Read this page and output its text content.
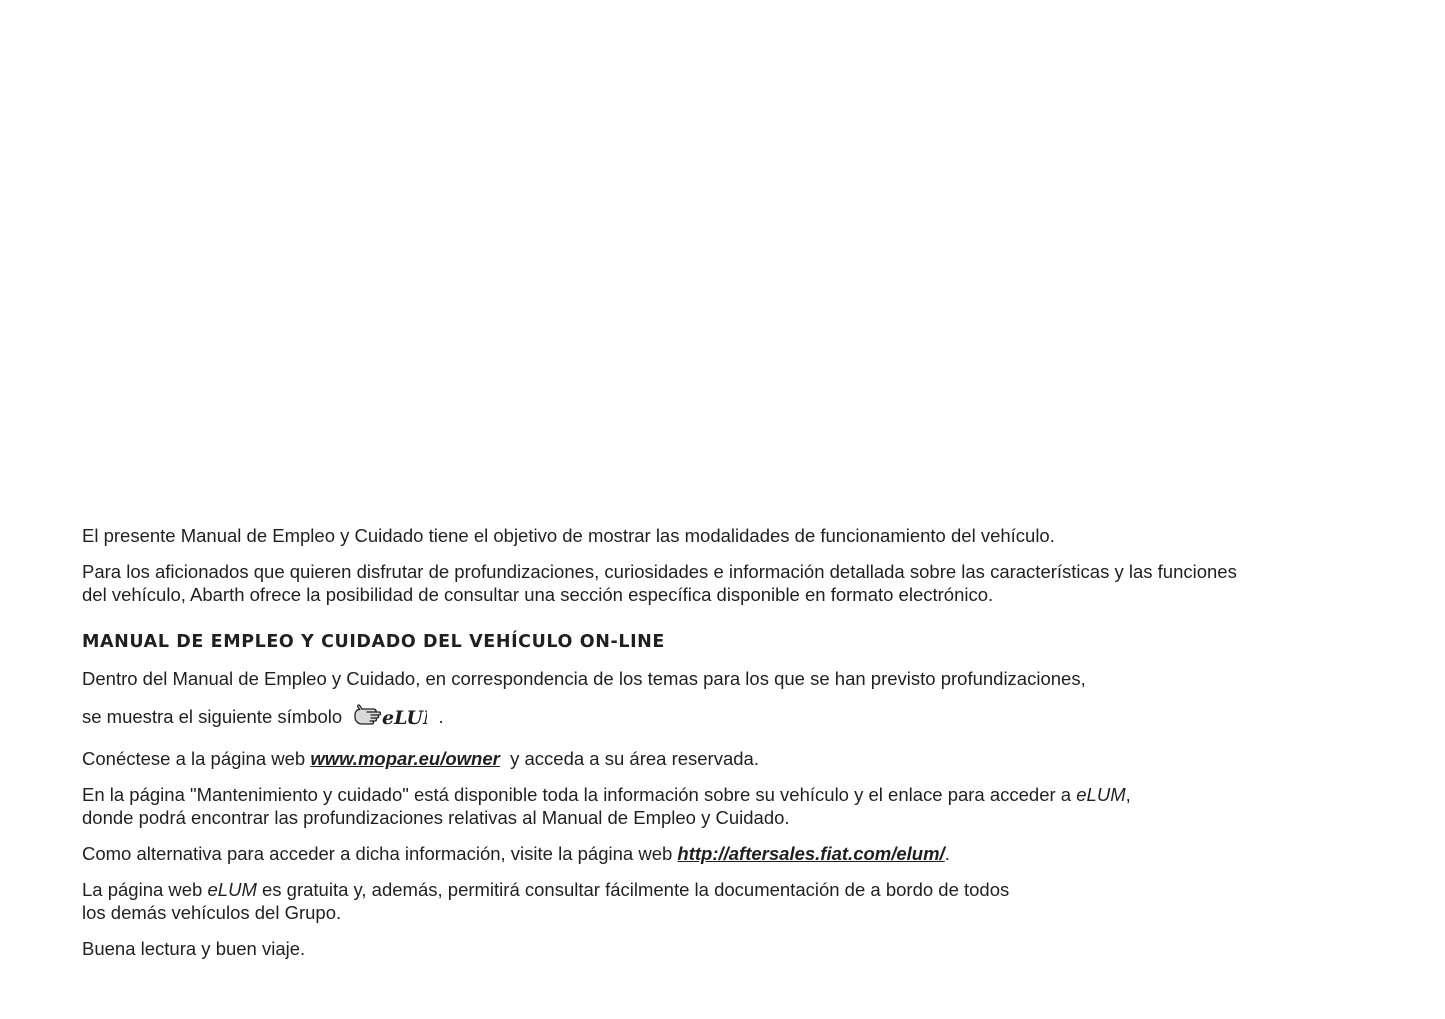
El presente Manual de Empleo y Cuidado tiene el objetivo de mostrar las modalidades de funcionamiento del vehículo.

Para los aficionados que quieren disfrutar de profundizaciones, curiosidades e información detallada sobre las características y las funciones
del vehículo, Abarth ofrece la posibilidad de consultar una sección específica disponible en formato electrónico.

MANUAL DE EMPLEO Y CUIDADO DEL VEHÍCULO ON-LINE

Dentro del Manual de Empleo y Cuidado, en correspondencia de los temas para los que se han previsto profundizaciones,

se muestra el siguiente símbolo eLU .

Conéctese a la página web www.mopar.eu/owner y acceda a su área reservada.

En la página "Mantenimiento y cuidado" está disponible toda la información sobre su vehículo y el enlace para acceder a eLUM,
donde podrá encontrar las profundizaciones relativas al Manual de Empleo y Cuidado.

Como alternativa para acceder a dicha información, visite la página web http://aftersales.fiat.com/elum/.

La página web eLUM es gratuita y, además, permitirá consultar fácilmente la documentación de a bordo de todos
los demás vehículos del Grupo.

Buena lectura y buen viaje.
